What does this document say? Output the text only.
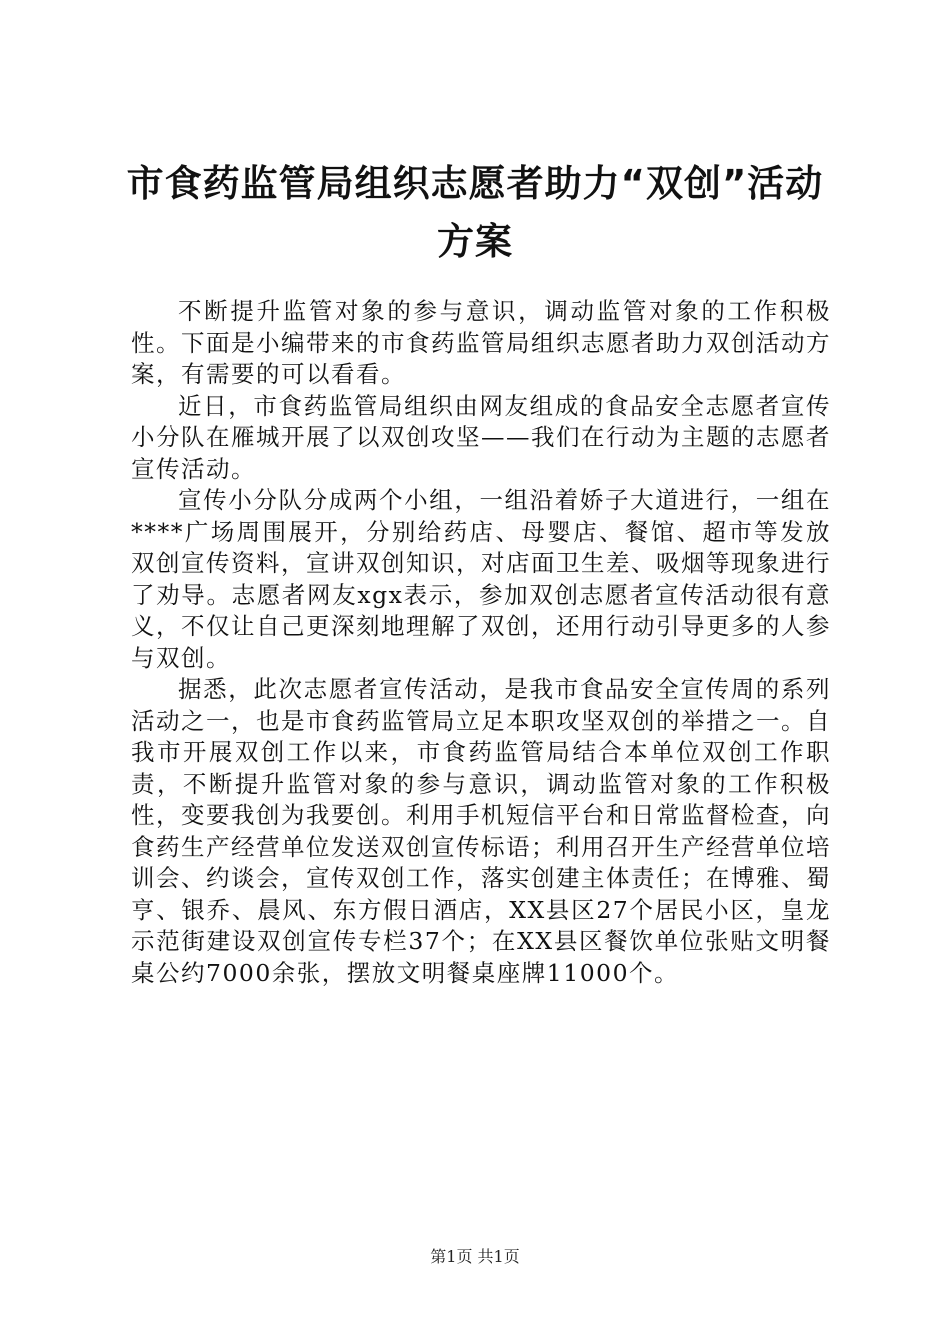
市食药监管局组织志愿者助力“双创”活动方案

不断提升监管对象的参与意识，调动监管对象的工作积极性。下面是小编带来的市食药监管局组织志愿者助力双创活动方案，有需要的可以看看。

近日，市食药监管局组织由网友组成的食品安全志愿者宣传小分队在雁城开展了以双创攻坚——我们在行动为主题的志愿者宣传活动。

宣传小分队分成两个小组，一组沿着娇子大道进行，一组在****广场周围展开，分别给药店、母婴店、餐馆、超市等发放双创宣传资料，宣讲双创知识，对店面卫生差、吸烟等现象进行了劝导。志愿者网友xgx表示，参加双创志愿者宣传活动很有意义，不仅让自己更深刻地理解了双创，还用行动引导更多的人参与双创。

据悉，此次志愿者宣传活动，是我市食品安全宣传周的系列活动之一，也是市食药监管局立足本职攻坚双创的举措之一。自我市开展双创工作以来，市食药监管局结合本单位双创工作职责，不断提升监管对象的参与意识，调动监管对象的工作积极性，变要我创为我要创。利用手机短信平台和日常监督检查，向食药生产经营单位发送双创宣传标语；利用召开生产经营单位培训会、约谈会，宣传双创工作，落实创建主体责任；在博雅、蜀亨、银乔、晨风、东方假日酒店，XX县区27个居民小区，皇龙示范街建设双创宣传专栏37个；在XX县区餐饮单位张贴文明餐桌公约7000余张，摆放文明餐桌座牌11000个。

第1页 共1页
